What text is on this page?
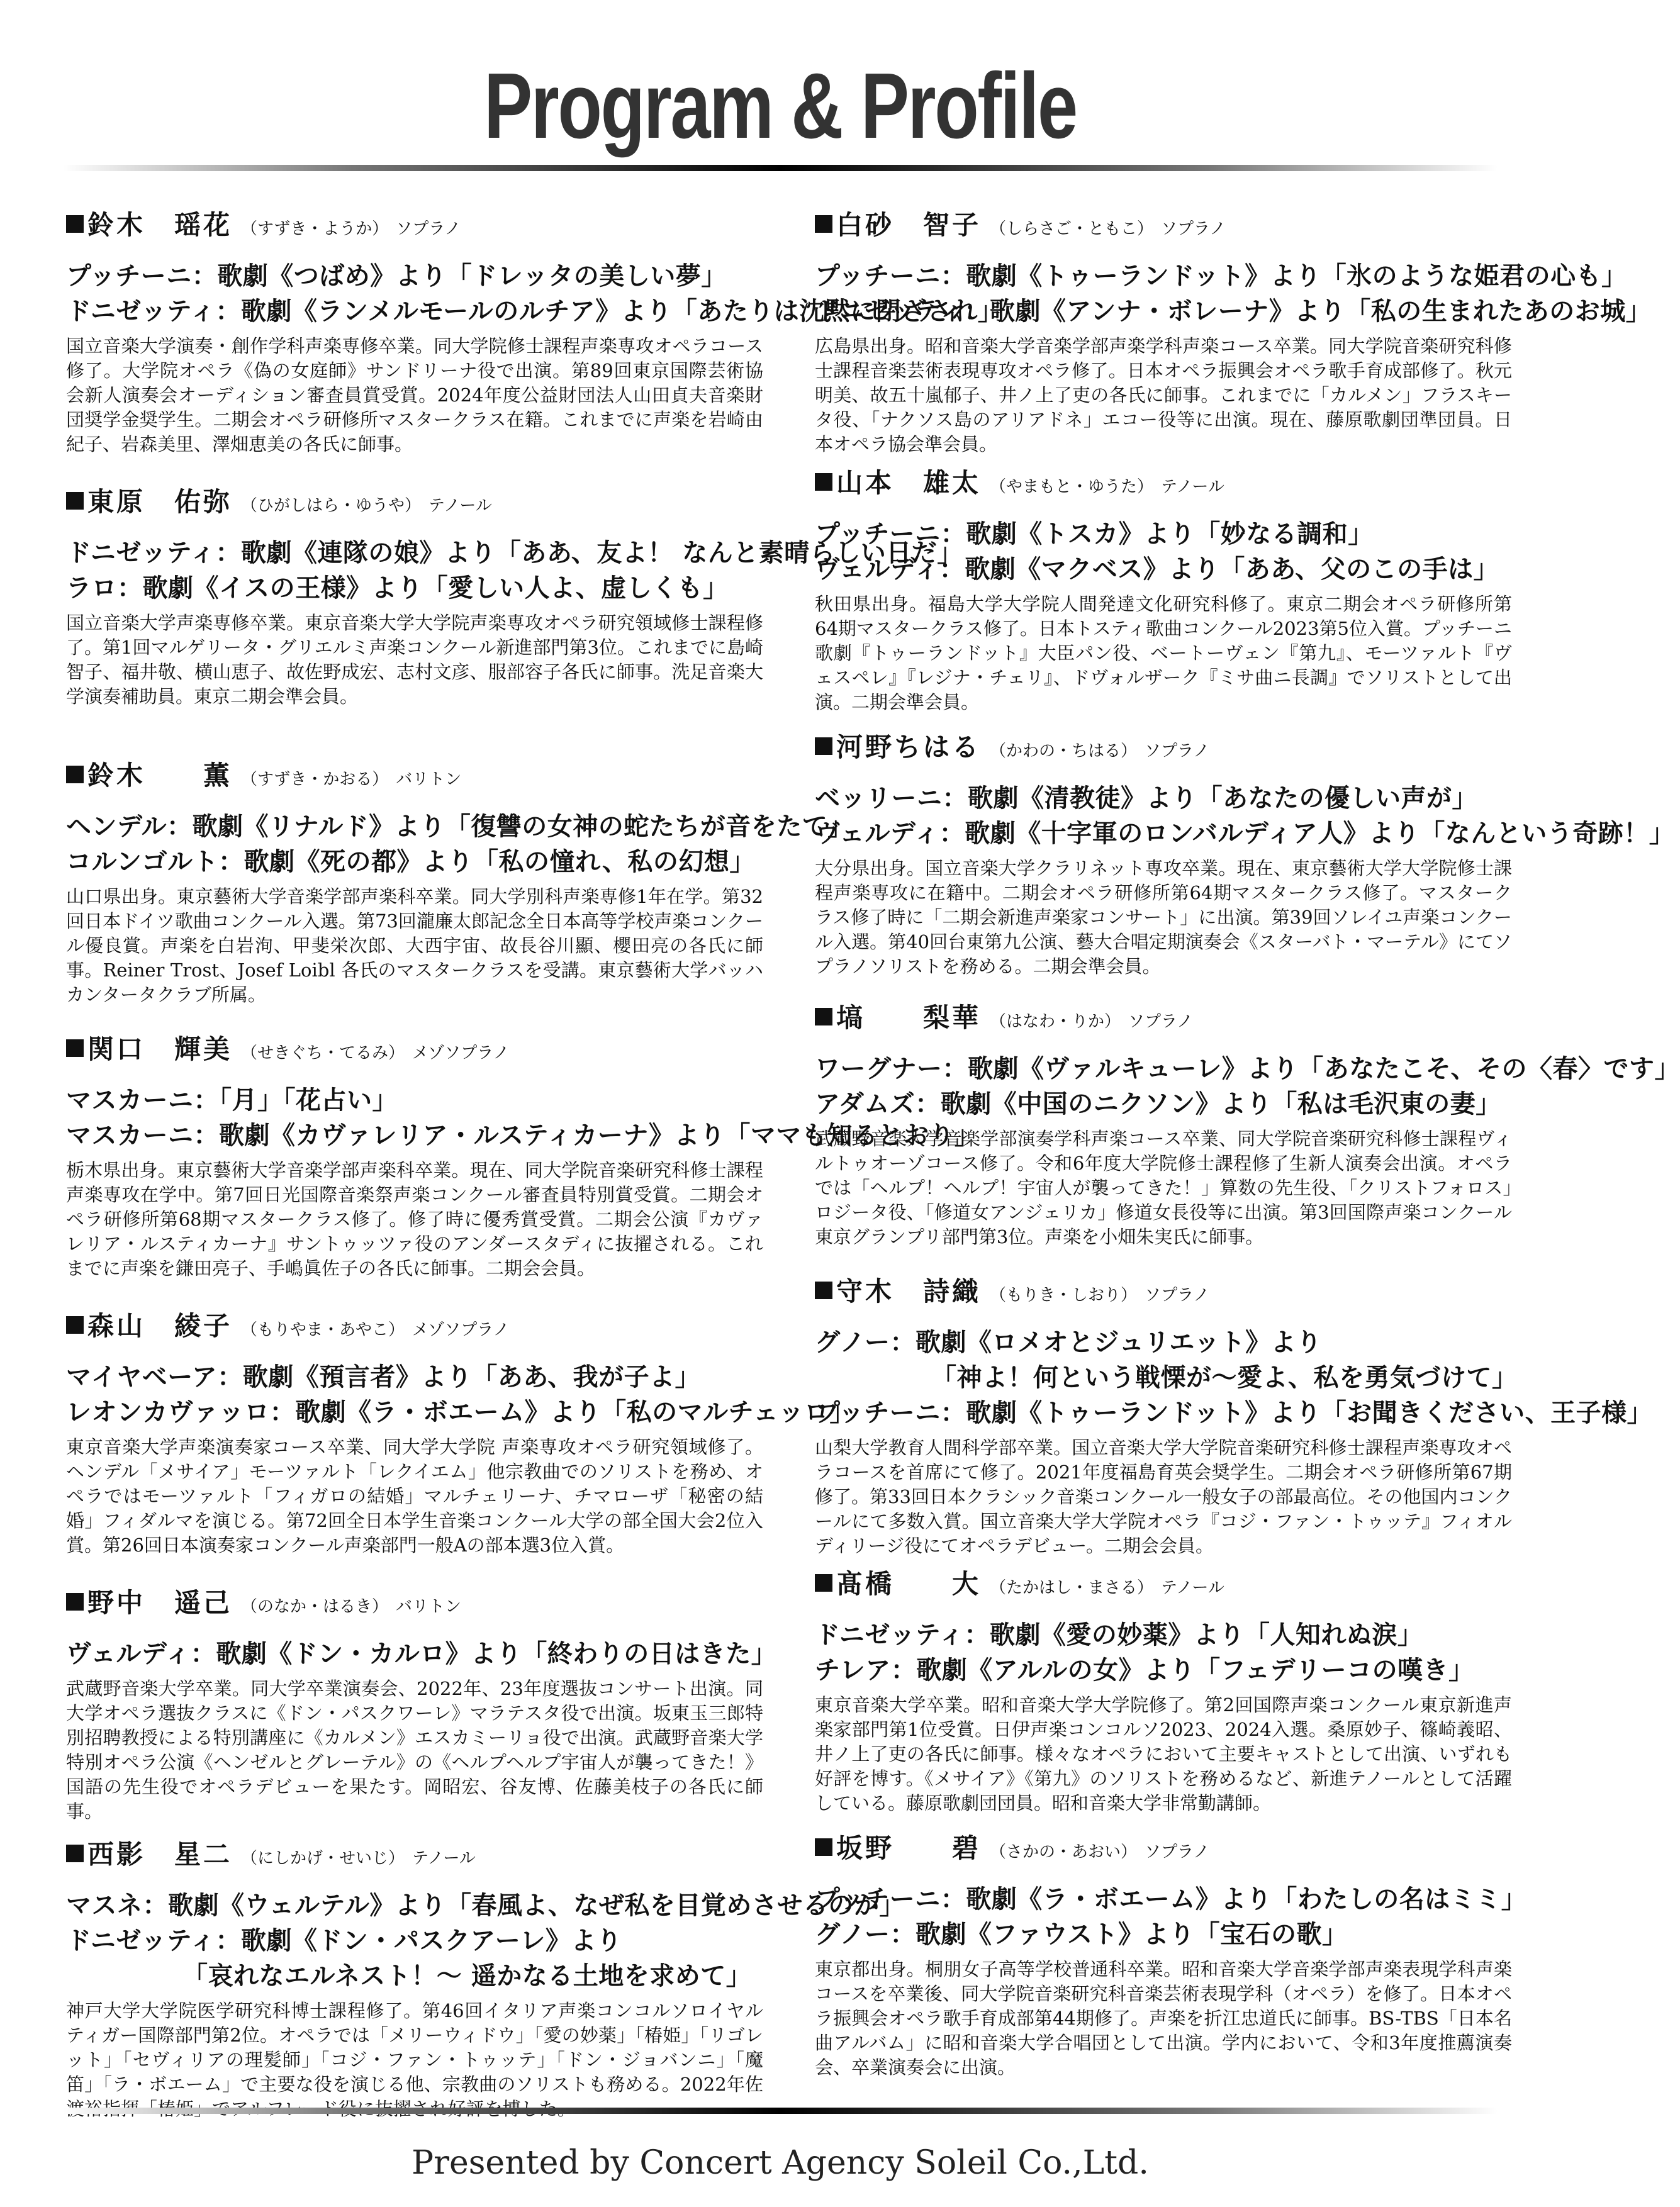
Program & Profile
鈴木　瑶花 （すずき・ようか） ソプラノ
プッチーニ：歌劇《つばめ》より「ドレッタの美しい夢」
ドニゼッティ：歌劇《ランメルモールのルチア》より「あたりは沈黙に閉ざされ」
国立音楽大学演奏・創作学科声楽専修卒業。同大学院修士課程声楽専攻オペラコース修了。大学院オペラ《偽の女庭師》サンドリーナ役で出演。第89回東京国際芸術協会新人演奏会オーディション審査員賞受賞。2024年度公益財団法人山田貞夫音楽財団奨学金奨学生。二期会オペラ研修所マスタークラス在籍。これまでに声楽を岩崎由紀子、岩森美里、澤畑恵美の各氏に師事。
東原　佑弥 （ひがしはら・ゆうや） テノール
ドニゼッティ：歌劇《連隊の娘》より「ああ、友よ！ なんと素晴らしい日だ」
ラロ：歌劇《イスの王様》より「愛しい人よ、虚しくも」
国立音楽大学声楽専修卒業。東京音楽大学大学院声楽専攻オペラ研究領域修士課程修了。第1回マルゲリータ・グリエルミ声楽コンクール新進部門第3位。これまでに島崎智子、福井敬、横山恵子、故佐野成宏、志村文彦、服部容子各氏に師事。洗足音楽大学演奏補助員。東京二期会準会員。
鈴木　　薫 （すずき・かおる） バリトン
ヘンデル：歌劇《リナルド》より「復讐の女神の蛇たちが音をたて」
コルンゴルト：歌劇《死の都》より「私の憧れ、私の幻想」
山口県出身。東京藝術大学音楽学部声楽科卒業。同大学別科声楽専修1年在学。第32回日本ドイツ歌曲コンクール入選。第73回瀧廉太郎記念全日本高等学校声楽コンクール優良賞。声楽を白岩洵、甲斐栄次郎、大西宇宙、故長谷川顯、櫻田亮の各氏に師事。Reiner Trost、Josef Loibl 各氏のマスタークラスを受講。東京藝術大学バッハカンタータクラブ所属。
関口　輝美 （せきぐち・てるみ） メゾソプラノ
マスカーニ：「月」「花占い」
マスカーニ：歌劇《カヴァレリア・ルスティカーナ》より「ママも知るとおり」
栃木県出身。東京藝術大学音楽学部声楽科卒業。現在、同大学院音楽研究科修士課程声楽専攻在学中。第7回日光国際音楽祭声楽コンクール審査員特別賞受賞。二期会オペラ研修所第68期マスタークラス修了。修了時に優秀賞受賞。二期会公演『カヴァレリア・ルスティカーナ』サントゥッツァ役のアンダースタディに抜擢される。これまでに声楽を鎌田亮子、手嶋眞佐子の各氏に師事。二期会会員。
森山　綾子 （もりやま・あやこ） メゾソプラノ
マイヤベーア：歌劇《預言者》より「ああ、我が子よ」
レオンカヴァッロ：歌劇《ラ・ボエーム》より「私のマルチェッロ」
東京音楽大学声楽演奏家コース卒業、同大学大学院 声楽専攻オペラ研究領域修了。ヘンデル「メサイア」モーツァルト「レクイエム」他宗教曲でのソリストを務め、オペラではモーツァルト「フィガロの結婚」マルチェリーナ、チマローザ「秘密の結婚」フィダルマを演じる。第72回全日本学生音楽コンクール大学の部全国大会2位入賞。第26回日本演奏家コンクール声楽部門一般Aの部本選3位入賞。
野中　遥己 （のなか・はるき） バリトン
ヴェルディ：歌劇《ドン・カルロ》より「終わりの日はきた」
武蔵野音楽大学卒業。同大学卒業演奏会、2022年、23年度選抜コンサート出演。同大学オペラ選抜クラスに《ドン・パスクワーレ》マラテスタ役で出演。坂東玉三郎特別招聘教授による特別講座に《カルメン》エスカミーリョ役で出演。武蔵野音楽大学特別オペラ公演《ヘンゼルとグレーテル》の《ヘルプヘルプ宇宙人が襲ってきた！》国語の先生役でオペラデビューを果たす。岡昭宏、谷友博、佐藤美枝子の各氏に師事。
西影　星二 （にしかげ・せいじ） テノール
マスネ：歌劇《ウェルテル》より「春風よ、なぜ私を目覚めさせるのか」
ドニゼッティ：歌劇《ドン・パスクアーレ》より
「哀れなエルネスト！〜 遥かなる土地を求めて」
神戸大学大学院医学研究科博士課程修了。第46回イタリア声楽コンコルソロイヤルティガー国際部門第2位。オペラでは「メリーウィドウ」「愛の妙薬」「椿姫」「リゴレット」「セヴィリアの理髪師」「コジ・ファン・トゥッテ」「ドン・ジョバンニ」「魔笛」「ラ・ボエーム」で主要な役を演じる他、宗教曲のソリストも務める。2022年佐
白砂　智子 （しらさご・ともこ） ソプラノ
プッチーニ：歌劇《トゥーランドット》より「氷のような姫君の心も」
ドニゼッティ：歌劇《アンナ・ボレーナ》より「私の生まれたあのお城」
広島県出身。昭和音楽大学音楽学部声楽学科声楽コース卒業。同大学院音楽研究科修士課程音楽芸術表現専攻オペラ修了。日本オペラ振興会オペラ歌手育成部修了。秋元明美、故五十嵐郁子、井ノ上了吏の各氏に師事。これまでに「カルメン」フラスキータ役、「ナクソス島のアリアドネ」エコー役等に出演。現在、藤原歌劇団準団員。日本オペラ協会準会員。
山本　雄太 （やまもと・ゆうた） テノール
プッチーニ：歌劇《トスカ》より「妙なる調和」
ヴェルディ：歌劇《マクベス》より「ああ、父のこの手は」
秋田県出身。福島大学大学院人間発達文化研究科修了。東京二期会オペラ研修所第64期マスタークラス修了。日本トスティ歌曲コンクール2023第5位入賞。プッチーニ歌劇『トゥーランドット』大臣パン役、ベートーヴェン『第九』、モーツァルト『ヴェスペレ』『レジナ・チェリ』、ドヴォルザーク『ミサ曲ニ長調』でソリストとして出演。二期会準会員。
河野ちはる （かわの・ちはる） ソプラノ
ベッリーニ：歌劇《清教徒》より「あなたの優しい声が」
ヴェルディ：歌劇《十字軍のロンバルディア人》より「なんという奇跡！」
大分県出身。国立音楽大学クラリネット専攻卒業。現在、東京藝術大学大学院修士課程声楽専攻に在籍中。二期会オペラ研修所第64期マスタークラス修了。マスタークラス修了時に「二期会新進声楽家コンサート」に出演。第39回ソレイユ声楽コンクール入選。第40回台東第九公演、藝大合唱定期演奏会《スターバト・マーテル》にてソプラノソリストを務める。二期会準会員。
塙　　梨華 （はなわ・りか） ソプラノ
ワーグナー：歌劇《ヴァルキューレ》より「あなたこそ、その〈春〉です」
アダムズ：歌劇《中国のニクソン》より「私は毛沢東の妻」
武蔵野音楽大学音楽学部演奏学科声楽コース卒業、同大学院音楽研究科修士課程ヴィルトゥオーゾコース修了。令和6年度大学院修士課程修了生新人演奏会出演。オペラでは「ヘルプ！ヘルプ！宇宙人が襲ってきた！」算数の先生役、「クリストフォロス」ロジータ役、「修道女アンジェリカ」修道女長役等に出演。第3回国際声楽コンクール東京グランプリ部門第3位。声楽を小畑朱実氏に師事。
守木　詩織 （もりき・しおり） ソプラノ
グノー：歌劇《ロメオとジュリエット》より
「神よ！何という戦慄が〜愛よ、私を勇気づけて」
プッチーニ：歌劇《トゥーランドット》より「お聞きください、王子様」
山梨大学教育人間科学部卒業。国立音楽大学大学院音楽研究科修士課程声楽専攻オペラコースを首席にて修了。2021年度福島育英会奨学生。二期会オペラ研修所第67期修了。第33回日本クラシック音楽コンクール一般女子の部最高位。その他国内コンクールにて多数入賞。国立音楽大学大学院オペラ『コジ・ファン・トゥッテ』フィオルディリージ役にてオペラデビュー。二期会会員。
髙橋　　大 （たかはし・まさる） テノール
ドニゼッティ：歌劇《愛の妙薬》より「人知れぬ涙」
チレア：歌劇《アルルの女》より「フェデリーコの嘆き」
東京音楽大学卒業。昭和音楽大学大学院修了。第2回国際声楽コンクール東京新進声楽家部門第1位受賞。日伊声楽コンコルソ2023、2024入選。桑原妙子、篠崎義昭、井ノ上了吏の各氏に師事。様々なオペラにおいて主要キャストとして出演、いずれも好評を博す。《メサイア》《第九》のソリストを務めるなど、新進テノールとして活躍している。藤原歌劇団団員。昭和音楽大学非常勤講師。
坂野　　碧 （さかの・あおい） ソプラノ
プッチーニ：歌劇《ラ・ボエーム》より「わたしの名はミミ」
グノー：歌劇《ファウスト》より「宝石の歌」
東京都出身。桐朋女子高等学校普通科卒業。昭和音楽大学音楽学部声楽表現学科声楽コースを卒業後、同大学院音楽研究科音楽芸術表現学科（オペラ）を修了。日本オペラ振興会オペラ歌手育成部第44期修了。声楽を折江忠道氏に師事。BS-TBS「日本名曲アルバム」に昭和音楽大学合唱団として出演。学内において、令和3年度推薦演奏会、卒業演奏会に出演。
Presented by Concert Agency Soleil Co.,Ltd.
